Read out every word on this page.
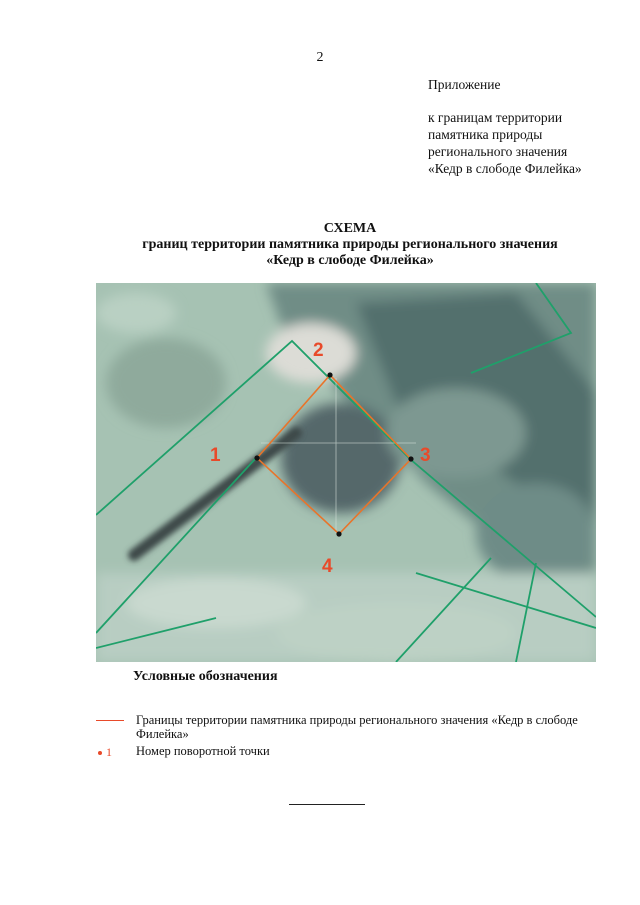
2
Приложение
к границам территории
памятника природы
регионального значения
«Кедр в слободе Филейка»
СХЕМА
границ территории памятника природы регионального значения
«Кедр в слободе Филейка»
1
2
3
4
Условные обозначения
Границы территории памятника природы регионального значения «Кедр в слободе Филейка»
1 Номер поворотной точки
